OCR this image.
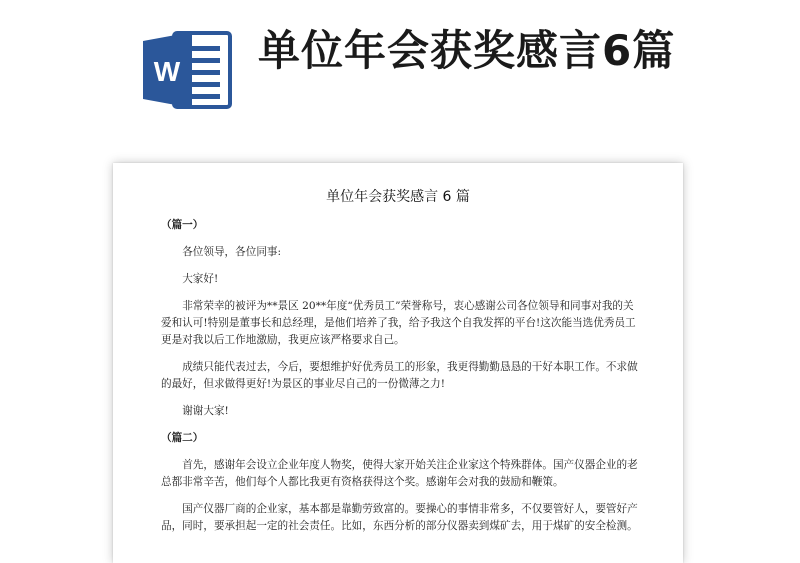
W 单位年会获奖感言6篇
单位年会获奖感言 6 篇

（篇一）

各位领导，各位同事:

大家好!

非常荣幸的被评为**景区 20**年度“优秀员工”荣誉称号，衷心感谢公司各位领导和同事对我的关爱和认可!特别是董事长和总经理，是他们培养了我，给予我这个自我发挥的平台!这次能当选优秀员工更是对我以后工作地激励，我更应该严格要求自己。

成绩只能代表过去，今后，要想维护好优秀员工的形象，我更得勤勤恳恳的干好本职工作。不求做的最好，但求做得更好!为景区的事业尽自己的一份微薄之力!

谢谢大家!

（篇二）

首先，感谢年会设立企业年度人物奖，使得大家开始关注企业家这个特殊群体。国产仪器企业的老总都非常辛苦，他们每个人都比我更有资格获得这个奖。感谢年会对我的鼓励和鞭策。

国产仪器厂商的企业家，基本都是靠勤劳致富的。要操心的事情非常多，不仅要管好人，要管好产品，同时，要承担起一定的社会责任。比如，东西分析的部分仪器卖到煤矿去，用于煤矿的安全检测。
